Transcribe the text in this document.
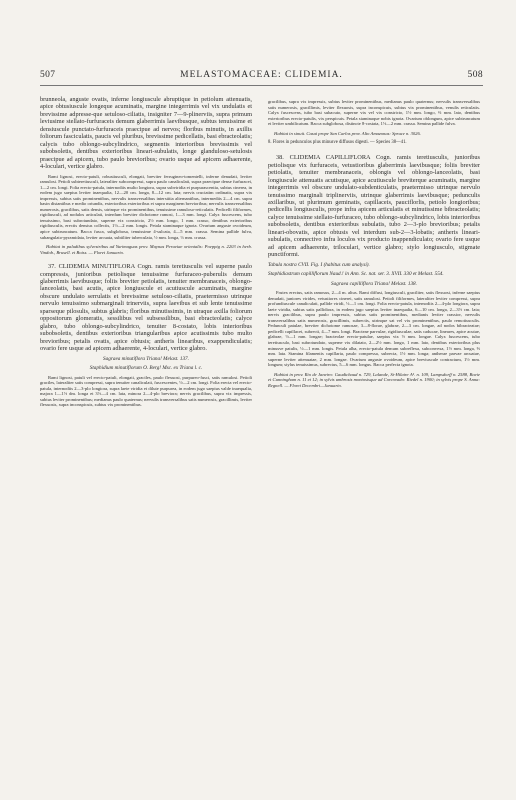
507	MELASTOMACEAE: CLIDEMIA.	508

brunneola, anguste ovatis, inferne longiuscule abruptique in petiolum attenuatis, apice obtusiuscule longeque acuminatis, margine integerrimis vel vix undulatis et brevissime adpresse-que setuloso-ciliatis, insigniter 7—9-plinerviis, supra primum leviusime stellato-furfuraceis demum glaberrimis laevibusque, subtus tenuissime et densiuscule punctato-furfuraceis praecipue ad nervos; floribus minutis, in axillis foliorum fasciculatis, paucis vel pluribus, brevissime pedicellatis, basi ebracteolatis; calycis tubo oblongo-subcylindrico, segmentis interioribus brevissimis vel subobsoletis, dentibus exterioribus lineari-subulatis, longe glanduloso-setulosis praecipue ad apicem, tubo paulo brevioribus; ovario usque ad apicem adhaerente, 4-loculari, vertice glabro.

Rami lignosi, erecto-patuli, robustiusculi, elongati, breviter ferrugineo-tomentelli, inferne denudati, leviter ramulosi. Petioli subteretiusculi, lateraliter subcompressi, supra paulo canaliculati, supra praecipue dense furfuracei, 1—2 cm. longi. Folia erecto-patula, internodiis multo longiora, supra subviridia et purpurascentia, subtus cinerea, in eodem jugo saepius leviter inaequalia, 12—20 cm. longa, 8—12 cm. lata; nervis cruciatim ordinatis, supra vix impressis, subtus satis prominentibus, nervulis transversalibus interstitia alternantibus, intermediis 2—4 cm. supra basin distantibus e medio oriundis, exterioribus exterioribus et supra marginem brevioribus; nervulis transversalibus numerosis, gracilibus, satis densis, utrinque vix prominentibus, tenuissime ramuloso-reticulatis. Pedicelli filiformes, rigidiusculi, ad nodulos articulati, interdum breviter dichotome ramosi, 1—3 mm. longi. Calyx fuscescens, tubo tenuissimo, basi subrotundato, superne vix constricto, 2½ mm. longo, 1 mm. crasso, dentibus exterioribus rigidiusculis, erectis densius collectis, 1½—2 mm. longis. Petala staminaque ignota. Ovarium anguste ovoideum, apice subtruncatum. Bacca fusca, subglobosa, tenuissime 4-sulcata, 4—5 mm. crassa. Semina pallide fulva, subangulato-pyramidata, leviter arcuata, subtiliter tuberculata, ½ mm. longa, ⅓ mm. crassa.

Habitat in paludibus sylvestribus ad Yurimaguas prov. Maynas Peruviae orientalis: Poeppig n. 2203 in herb. Vindob., Brusell. et Boiss. — Floret Januario.

37. CLIDEMIA MINUTIFLORA Cogn. ramis teretiusculis vel superne paulo compressis, junioribus petiolisque tenuissime furfuraceo-puberulis demum glaberrimis laevibusque; foliis breviter petiolatis, tenuiter membranaceis, oblongo-lanceolatis, basi acutis, apice longiuscule et acutiuscule acuminatis, margine obscure undulato serrulatis et brevissime setuloso-ciliatis, praetermisso utrinque nervulo tenuissimo submarginali trinerviis, supra laevibus et sub lente tenuissime sparseque pilosulis, subtus glabris; floribus minutissimis, in utraque axilla foliorum oppositorum glomeratis, sessilibus vel subsessilibus, basi ebracteolatis; calyce glabro, tubo oblongo-subcylindrico, tenuiter 8-costato, lobis interioribus subobsoletis, dentibus exterioribus triangularibus apice acutissimis tubo multo brevioribus; petalis ovatis, apice obtusis; antheris linearibus, exappendiculatis; ovario fere usque ad apicem adhaerente, 4-loculari, vertice glabro.

Sagraea minutiflora Triana! Melast. 137.

Staphidium minutiflorum O. Berg! Msc. ex Triana l. c.

Rami lignosi, patuli vel erecto-patuli, elongati, graciles, paulo flexuosi, purpureo-fusci, satis ramulosi. Petioli graciles, lateraliter satis compressi, supra tenuiter canaliculati, fuscescentes, ½—2 cm. longi. Folia erecta vel erecto-patula, internodiis 2—3-plo longiora, supra laete viridia et dilute purpurea, in eodem jugo saepius valde inaequalia, majora 1—1½ dm. longa et 3½—4 cm. lata, minora 2—4-plo breviora; nervis gracilibus, supra vix impressis, subtus leviter prominentibus; medianus paulo quaternus; nervulis transversalibus satis numerosis, gracillimis, leviter flexuosis, supra inconspicuis, subtus vix prominentibus.

gracilibus, supra vix impressis, subtus leviter prominentibus, medianus paulo quaternus; nervulis transversalibus satis numerosis, gracillimis, leviter flexuosis, supra inconspicuis, subtus vix prominentibus, venulis reticulatis. Calyx fuscescens, tubo basi subacuto, superne vix vel vix constricto, 1½ mm. longo, ⅔ mm. lato, dentibus exterioribus erecto-patulis, vix perspicuis. Petala staminaque nobis ignota. Ovarium oblongum, apice subtruncatum et leviter umbilicatum. Bacca subglobosa, distincte 8-costata, 1½—2 mm. crassa. Semina pallide fulva.

Habitat in sinuit. Casai prope San Carlos prov. Alto Amazonas: Spruce n. 3026.

8. Flores in pedunculos plus minusve diffusos digesti. — Species 38—41.

38. CLIDEMIA CAPILLIFLORA Cogn. ramis teretiusculis, junioribus petiolisque vix furfuraceis, vetustioribus glaberrimis laevibusque; foliis breviter petiolatis, tenuiter membranaceis, oblongis vel oblongo-lanceolatis, basi longiuscule attenuatis acutisque, apice acutiuscule breviterque acuminatis, margine integerrimis vel obscure undulato-subdenticulatis, praetermisso utrinque nervulo tenuissimo marginali triplinerviis, utrinque glaberrimis laevibusque; pedunculis axillaribus, ut plurimum geminatis, capillaceis, pauciflorlis, petiolo longioribus; pedicellis longiusculis, prope infra apicem articulatis et minutissime bibracteolatis; calyce tenuissime stellato-furfuraceo, tubo oblongo-subcylindrico, lobis interioribus subobsoletis, dentibus exterioribus subulatis, tubo 2—3-plo brevioribus; petalis lineari-obovatis, apice obtusis vel interdum sub-2—3-lobatis; antheris lineari-subulatis, connectivo infra loculos vix producto inappendiculato; ovario fere usque ad apicem adhaerente, triloculari, vertice glabro; stylo longiusculo, stigmate punctiformi.

Tabula nostra CVII. Fig. I (habitus cum analysi).

Staphidiastrum capilliflorum Naud.! in Ann. Sc. nat. ser. 3. XVII. 330 et Melast. 554.

Sagraea capilliflora Triana! Melast. 138.

Frutex erectus, satis ramosus, 2—4 m. altus. Rami diffusi, longiusculi, graciliter, satis flexuosi, inferne saepius denudati, juniores virides, vetustiores cinerei, satis ramulosi. Petioli filiformes, lateraliter leviter compressi, supra profundiuscule canaliculati, pallide viridi, ½—1 cm. longi. Folia erecto-patula, internodiis 2—4-plo longiora, supra laete viridia, subtus satis pallidiora, in eodem jugo saepius leviter inaequalia, 6—10 cm. longa, 2—3½ cm. lata; nervis gracilibus, supra paulo impressis, subtus satis prominentibus, medianis leviter crassior, nervulis transversalibus satis numerosis, gracillimis, subrectis, utrinque sat vel vix prominentibus, paulo remotiusculis. Pedunculi patulae, breviter dichotome ramosae, 3—8-florae, glabrae, 2—3 cm. longae, ad nodos bibracteatae; pedicelli capillacei, subrecti, 4—7 mm. longi. Bracteae parvulae, rigidiusculae, satis caducae, lineares, apice acutae, glabrae, ½—1 mm. longae; bracteolae erecto-patulae, saepius vix ½ mm. longae. Calyx fuscescens, tubo teretiusculo, basi subrotundato, superne vix dilatato, 2—2½ mm. longo, 1 mm. lato, dentibus exterioribus plus minusve patulis, ½—1 mm. longis. Petala alba, erecto-patula demum subreflexa, subconvexa, 1½ mm. longa, ⅔ mm. lata. Stamina filamentis capillaria, paulo compressa, subrecta, 1½ mm. longa; antherae parvae arcuatae, superne leviter attenuatae, 2 mm. longae. Ovarium anguste ovoideum, apice breviuscule contractum, 1½ mm. longum; stylus tenuissimus, subrectus, 5—6 mm. longus. Bacca perfecta ignota.

Habitat in prov. Rio de Janeiro: Gaudichaud n. 729, Lalande, St-Hilaire A². n. 109, Lampsdorff n. 2588, Boeie et Cunningham n. 11 et 12; in sylvis umbrosis montosisque ad Corcovado: Riedel n. 1900; in sylvis prope S. Anna: Regnell. — Floret Decembri—Januario.
